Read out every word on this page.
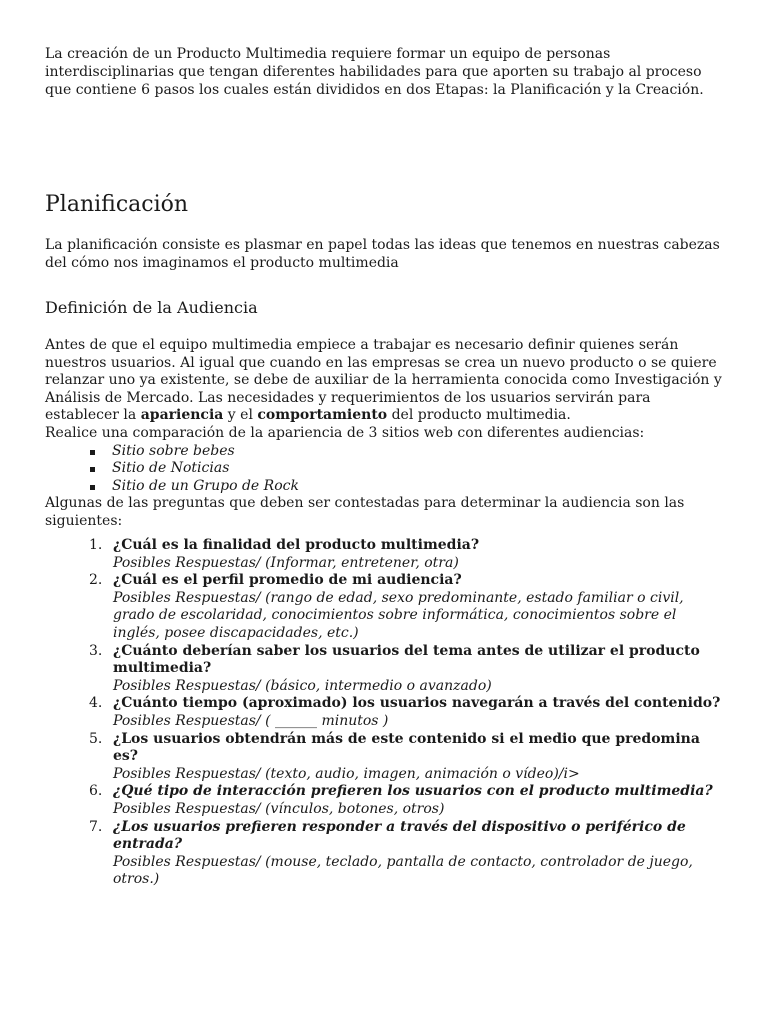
La creación de un Producto Multimedia requiere formar un equipo de personas interdisciplinarias que tengan diferentes habilidades para que aporten su trabajo al proceso que contiene 6 pasos los cuales están divididos en dos Etapas: la Planificación y la Creación.

Planificación

La planificación consiste es plasmar en papel todas las ideas que tenemos en nuestras cabezas del cómo nos imaginamos el producto multimedia

Definición de la Audiencia

Antes de que el equipo multimedia empiece a trabajar es necesario definir quienes serán nuestros usuarios. Al igual que cuando en las empresas se crea un nuevo producto o se quiere relanzar uno ya existente, se debe de auxiliar de la herramienta conocida como Investigación y Análisis de Mercado. Las necesidades y requerimientos de los usuarios servirán para establecer la apariencia y el comportamiento del producto multimedia.

Realice una comparación de la apariencia de 3 sitios web con diferentes audiencias:

Sitio sobre bebes
Sitio de Noticias
Sitio de un Grupo de Rock

Algunas de las preguntas que deben ser contestadas para determinar la audiencia son las siguientes:

1. ¿Cuál es la finalidad del producto multimedia?
Posibles Respuestas/ (Informar, entretener, otra)
2. ¿Cuál es el perfil promedio de mi audiencia?
Posibles Respuestas/ (rango de edad, sexo predominante, estado familiar o civil, grado de escolaridad, conocimientos sobre informática, conocimientos sobre el inglés, posee discapacidades, etc.)
3. ¿Cuánto deberían saber los usuarios del tema antes de utilizar el producto multimedia?
Posibles Respuestas/ (básico, intermedio o avanzado)
4. ¿Cuánto tiempo (aproximado) los usuarios navegarán a través del contenido?
Posibles Respuestas/ ( ______ minutos )
5. ¿Los usuarios obtendrán más de este contenido si el medio que predomina es?
Posibles Respuestas/ (texto, audio, imagen, animación o vídeo)/i>
6. ¿Qué tipo de interacción prefieren los usuarios con el producto multimedia?
Posibles Respuestas/ (vínculos, botones, otros)
7. ¿Los usuarios prefieren responder a través del dispositivo o periférico de entrada?
Posibles Respuestas/ (mouse, teclado, pantalla de contacto, controlador de juego, otros.)
